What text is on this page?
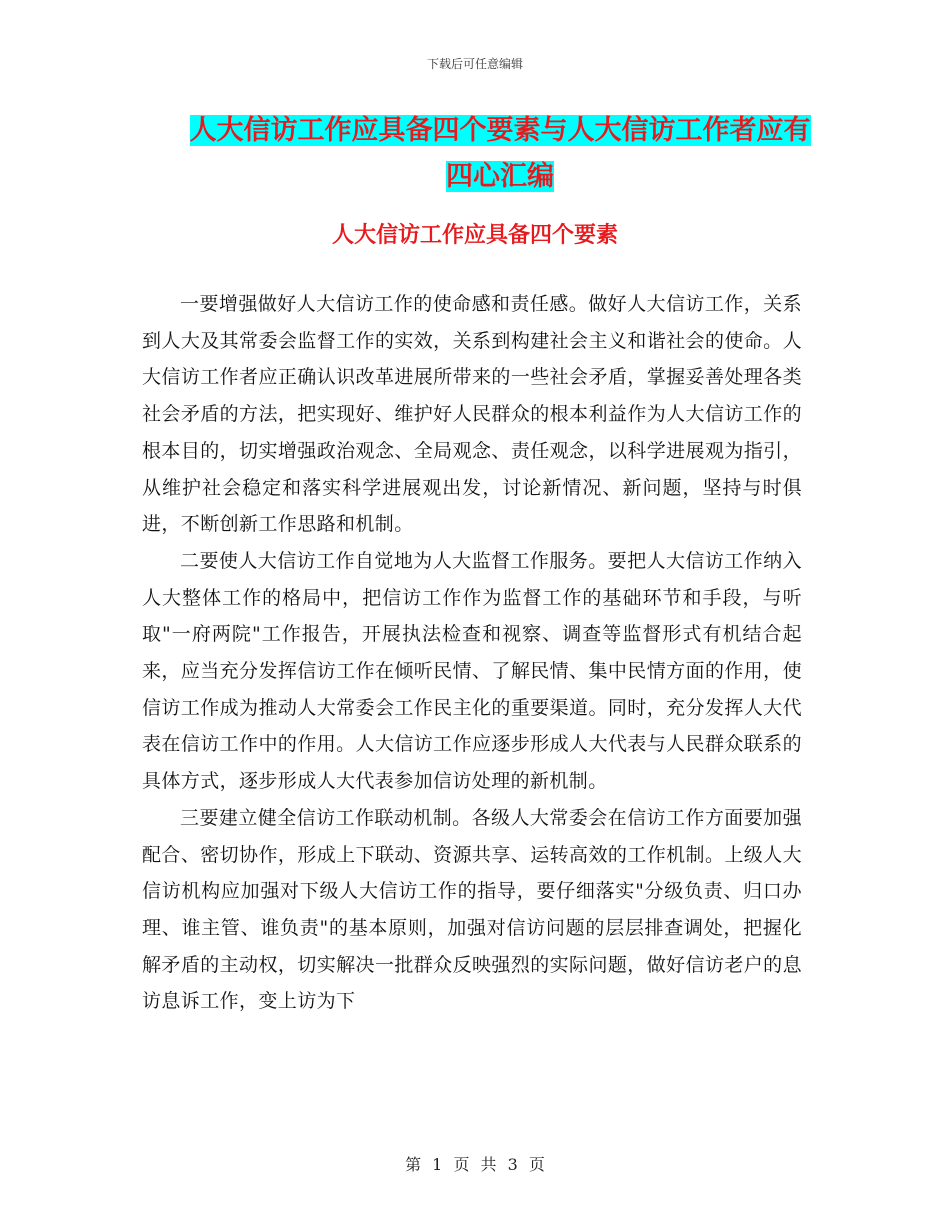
下载后可任意编辑
人大信访工作应具备四个要素与人大信访工作者应有
四心汇编
人大信访工作应具备四个要素

一要增强做好人大信访工作的使命感和责任感。做好人大信访工作，关系到人大及其常委会监督工作的实效，关系到构建社会主义和谐社会的使命。人大信访工作者应正确认识改革进展所带来的一些社会矛盾，掌握妥善处理各类社会矛盾的方法，把实现好、维护好人民群众的根本利益作为人大信访工作的根本目的，切实增强政治观念、全局观念、责任观念，以科学进展观为指引，从维护社会稳定和落实科学进展观出发，讨论新情况、新问题，坚持与时俱进，不断创新工作思路和机制。

二要使人大信访工作自觉地为人大监督工作服务。要把人大信访工作纳入人大整体工作的格局中，把信访工作作为监督工作的基础环节和手段，与听取"一府两院"工作报告，开展执法检查和视察、调查等监督形式有机结合起来，应当充分发挥信访工作在倾听民情、了解民情、集中民情方面的作用，使信访工作成为推动人大常委会工作民主化的重要渠道。同时，充分发挥人大代表在信访工作中的作用。人大信访工作应逐步形成人大代表与人民群众联系的具体方式，逐步形成人大代表参加信访处理的新机制。

三要建立健全信访工作联动机制。各级人大常委会在信访工作方面要加强配合、密切协作，形成上下联动、资源共享、运转高效的工作机制。上级人大信访机构应加强对下级人大信访工作的指导，要仔细落实"分级负责、归口办理、谁主管、谁负责"的基本原则，加强对信访问题的层层排查调处，把握化解矛盾的主动权，切实解决一批群众反映强烈的实际问题，做好信访老户的息访息诉工作，变上访为下

第 1 页 共 3 页
